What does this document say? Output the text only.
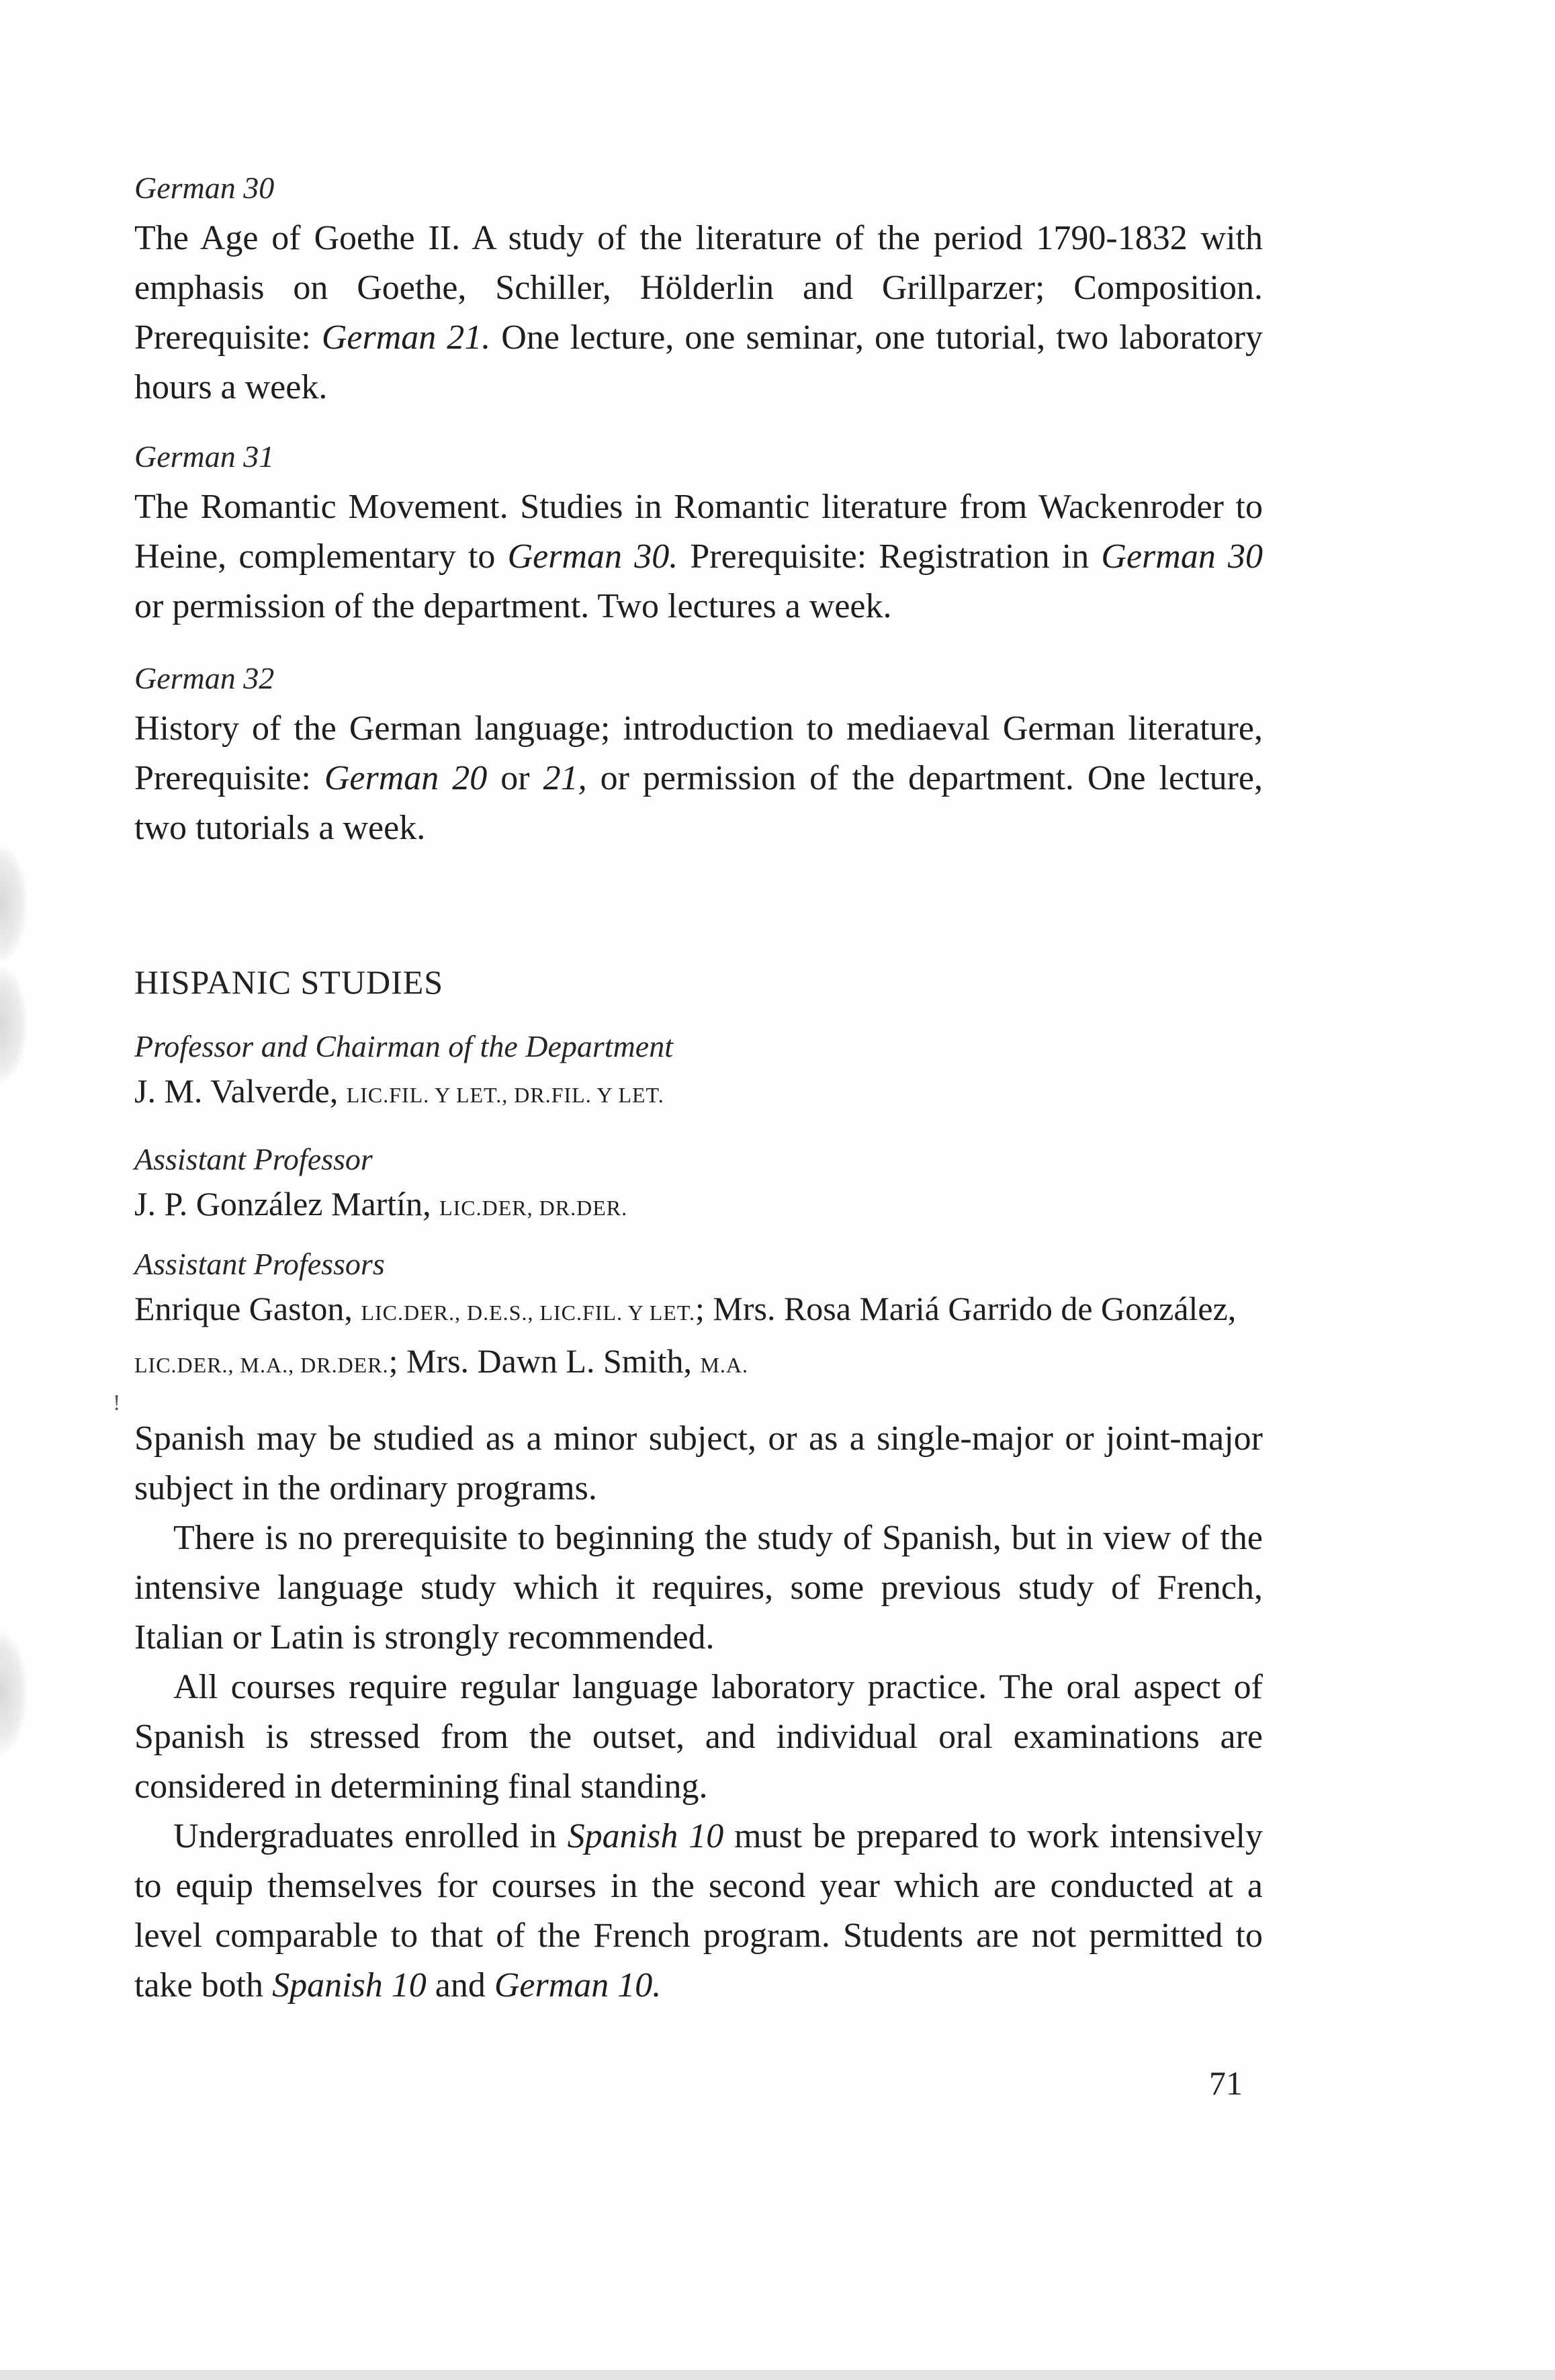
German 30

The Age of Goethe II. A study of the literature of the period 1790-1832 with emphasis on Goethe, Schiller, Hölderlin and Grillparzer; Composition. Prerequisite: German 21. One lecture, one seminar, one tutorial, two laboratory hours a week.

German 31

The Romantic Movement. Studies in Romantic literature from Wackenroder to Heine, complementary to German 30. Prerequisite: Registration in German 30 or permission of the department. Two lectures a week.

German 32

History of the German language; introduction to mediaeval German literature, Prerequisite: German 20 or 21, or permission of the department. One lecture, two tutorials a week.

HISPANIC STUDIES
Professor and Chairman of the Department
J. M. Valverde, LIC.FIL. Y LET., DR.FIL. Y LET.
Assistant Professor
J. P. González Martín, LIC.DER, DR.DER.
Assistant Professors
Enrique Gaston, LIC.DER., D.E.S., LIC.FIL. Y LET.; Mrs. Rosa Mariá Garrido de González, LIC.DER., M.A., DR.DER.; Mrs. Dawn L. Smith, M.A.
!

Spanish may be studied as a minor subject, or as a single-major or joint-major subject in the ordinary programs.

There is no prerequisite to beginning the study of Spanish, but in view of the intensive language study which it requires, some previous study of French, Italian or Latin is strongly recommended.

All courses require regular language laboratory practice. The oral aspect of Spanish is stressed from the outset, and individual oral examinations are considered in determining final standing.

Undergraduates enrolled in Spanish 10 must be prepared to work intensively to equip themselves for courses in the second year which are conducted at a level comparable to that of the French program. Students are not permitted to take both Spanish 10 and German 10.

71
